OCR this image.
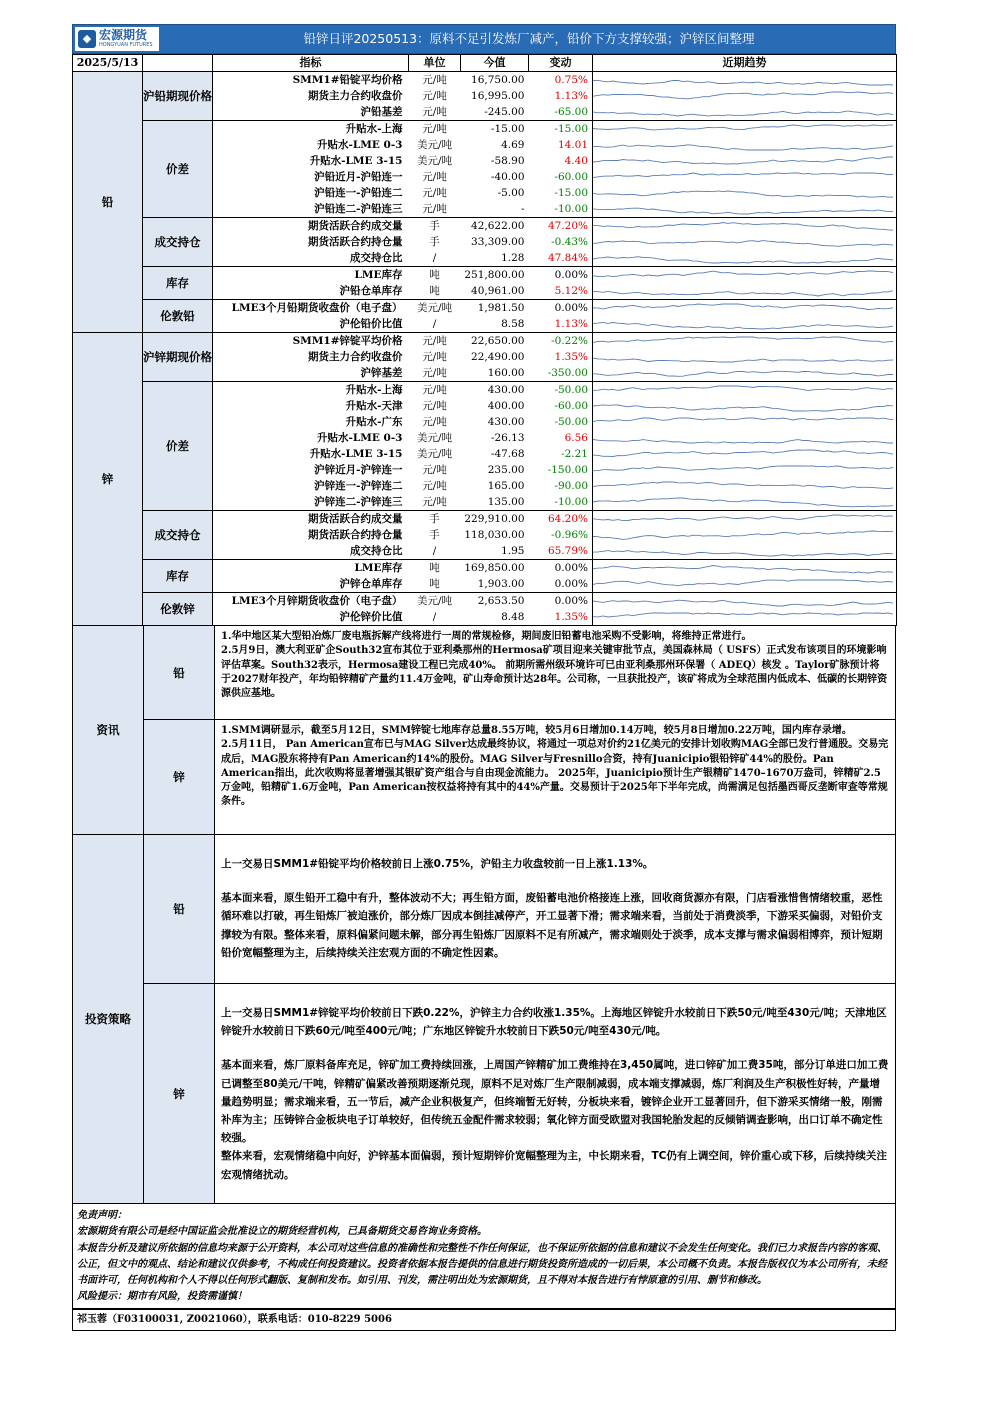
◆ 宏源期货
HONGYUAN FUTURES	铅锌日评20250513：原料不足引发炼厂减产，铅价下方支撑较强；沪锌区间整理
2025/5/13		指标	单位	今值	变动	近期趋势
铅	沪铅期现价格	SMM1#铅锭平均价格	元/吨	16,750.00	0.75%	

		期货主力合约收盘价	元/吨	16,995.00	1.13%	

		沪铅基差	元/吨	-245.00	-65.00	

	价差	升贴水-上海	元/吨	-15.00	-15.00	

		升贴水-LME 0-3	美元/吨	4.69	14.01	

		升贴水-LME 3-15	美元/吨	-58.90	4.40	

		沪铅近月-沪铅连一	元/吨	-40.00	-60.00	

		沪铅连一-沪铅连二	元/吨	-5.00	-15.00	

		沪铅连二-沪铅连三	元/吨	-	-10.00	

	成交持仓	期货活跃合约成交量	手	42,622.00	47.20%	

		期货活跃合约持仓量	手	33,309.00	-0.43%	

		成交持仓比	/	1.28	47.84%	

	库存	LME库存	吨	251,800.00	0.00%	

		沪铅仓单库存	吨	40,961.00	5.12%	

	伦敦铅	LME3个月铅期货收盘价（电子盘）	美元/吨	1,981.50	0.00%	

		沪伦铅价比值	/	8.58	1.13%	

锌	沪锌期现价格	SMM1#锌锭平均价格	元/吨	22,650.00	-0.22%	

		期货主力合约收盘价	元/吨	22,490.00	1.35%	

		沪锌基差	元/吨	160.00	-350.00	

	价差	升贴水-上海	元/吨	430.00	-50.00	

		升贴水-天津	元/吨	400.00	-60.00	

		升贴水-广东	元/吨	430.00	-50.00	

		升贴水-LME 0-3	美元/吨	-26.13	6.56	

		升贴水-LME 3-15	美元/吨	-47.68	-2.21	

		沪锌近月-沪锌连一	元/吨	235.00	-150.00	

		沪锌连一-沪锌连二	元/吨	165.00	-90.00	

		沪锌连二-沪锌连三	元/吨	135.00	-10.00	

	成交持仓	期货活跃合约成交量	手	229,910.00	64.20%	

		期货活跃合约持仓量	手	118,030.00	-0.96%	

		成交持仓比	/	1.95	65.79%	

	库存	LME库存	吨	169,850.00	0.00%	

		沪锌仓单库存	吨	1,903.00	0.00%	

	伦敦锌	LME3个月锌期货收盘价（电子盘）	美元/吨	2,653.50	0.00%	

		沪伦锌价比值	/	8.48	1.35%	
资讯
铅
1.华中地区某大型铅冶炼厂废电瓶拆解产线将进行一周的常规检修，期间废旧铅蓄电池采购不受影响，将维持正常进行。
2.5月9日，澳大利亚矿企South32宣布其位于亚利桑那州的Hermosa矿项目迎来关键审批节点，美国森林局（ USFS）正式发布该项目的环境影响评估草案。South32表示，Hermosa建设工程已完成40%。 前期所需州级环境许可已由亚利桑那州环保署（ ADEQ）核发 。Taylor矿脉预计将于2027财年投产，年均铅锌精矿产量约11.4万金吨，矿山寿命预计达28年。公司称，一旦获批投产，该矿将成为全球范围内低成本、低碳的长期锌资源供应基地。
锌
1.SMM调研显示，截至5月12日，SMM锌锭七地库存总量8.55万吨，较5月6日增加0.14万吨，较5月8日增加0.22万吨，国内库存录增。
2.5月11日， Pan American宣布已与MAG Silver达成最终协议，将通过一项总对价约21亿美元的安排计划收购MAG全部已发行普通股。交易完成后，MAG股东将持有Pan American约14%的股份。MAG Silver与Fresnillo合资，持有Juanicipio银铅锌矿44%的股份。Pan American指出，此次收购将显著增强其银矿资产组合与自由现金流能力。 2025年，Juanicipio预计生产银精矿1470–1670万盎司，锌精矿2.5万金吨，铅精矿1.6万金吨，Pan American按权益将持有其中的44%产量。交易预计于2025年下半年完成，尚需满足包括墨西哥反垄断审查等常规条件。
投资策略
铅

上一交易日SMM1#铅锭平均价格较前日上涨0.75%，沪铅主力收盘较前一日上涨1.13%。

基本面来看，原生铅开工稳中有升，整体波动不大；再生铅方面，废铅蓄电池价格接连上涨，回收商货源亦有限，门店看涨惜售情绪较重，恶性循环难以打破，再生铅炼厂被迫涨价，部分炼厂因成本倒挂减停产，开工显著下滑；需求端来看，当前处于消费淡季，下游采买偏弱，对铅价支撑较为有限。整体来看，原料偏紧问题未解，部分再生铅炼厂因原料不足有所减产，需求端则处于淡季，成本支撑与需求偏弱相博弈，预计短期铅价宽幅整理为主，后续持续关注宏观方面的不确定性因素。

锌

上一交易日SMM1#锌锭平均价较前日下跌0.22%，沪锌主力合约收涨1.35%。上海地区锌锭升水较前日下跌50元/吨至430元/吨；天津地区锌锭升水较前日下跌60元/吨至400元/吨；广东地区锌锭升水较前日下跌50元/吨至430元/吨。

基本面来看，炼厂原料备库充足，锌矿加工费持续回涨，上周国产锌精矿加工费维持在3,450属吨，进口锌矿加工费35吨，部分订单进口加工费已调整至80美元/干吨，锌精矿偏紧改善预期逐渐兑现，原料不足对炼厂生产限制减弱，成本端支撑减弱，炼厂利润及生产积极性好转，产量增量趋势明显；需求端来看，五一节后，减产企业积极复产，但终端暂无好转，分板块来看，镀锌企业开工显著回升，但下游采买情绪一般，刚需补库为主；压铸锌合金板块电子订单较好，但传统五金配件需求较弱；氧化锌方面受欧盟对我国轮胎发起的反倾销调查影响，出口订单不确定性较强。
整体来看，宏观情绪稳中向好，沪锌基本面偏弱，预计短期锌价宽幅整理为主，中长期来看，TC仍有上调空间，锌价重心或下移，后续持续关注宏观情绪扰动。

免责声明：
宏源期货有限公司是经中国证监会批准设立的期货经营机构，已具备期货交易咨询业务资格。
本报告分析及建议所依据的信息均来源于公开资料，本公司对这些信息的准确性和完整性不作任何保证，也不保证所依据的信息和建议不会发生任何变化。我们已力求报告内容的客观、公正，但文中的观点、结论和建议仅供参考，不构成任何投资建议。投资者依据本报告提供的信息进行期货投资所造成的一切后果，本公司概不负责。本报告版权仅为本公司所有，未经书面许可，任何机构和个人不得以任何形式翻版、复制和发布。如引用、刊发，需注明出处为宏源期货，且不得对本报告进行有悖原意的引用、删节和修改。
风险提示：期市有风险，投资需谨慎！
祁玉蓉（F03100031, Z0021060），联系电话：010-8229 5006
